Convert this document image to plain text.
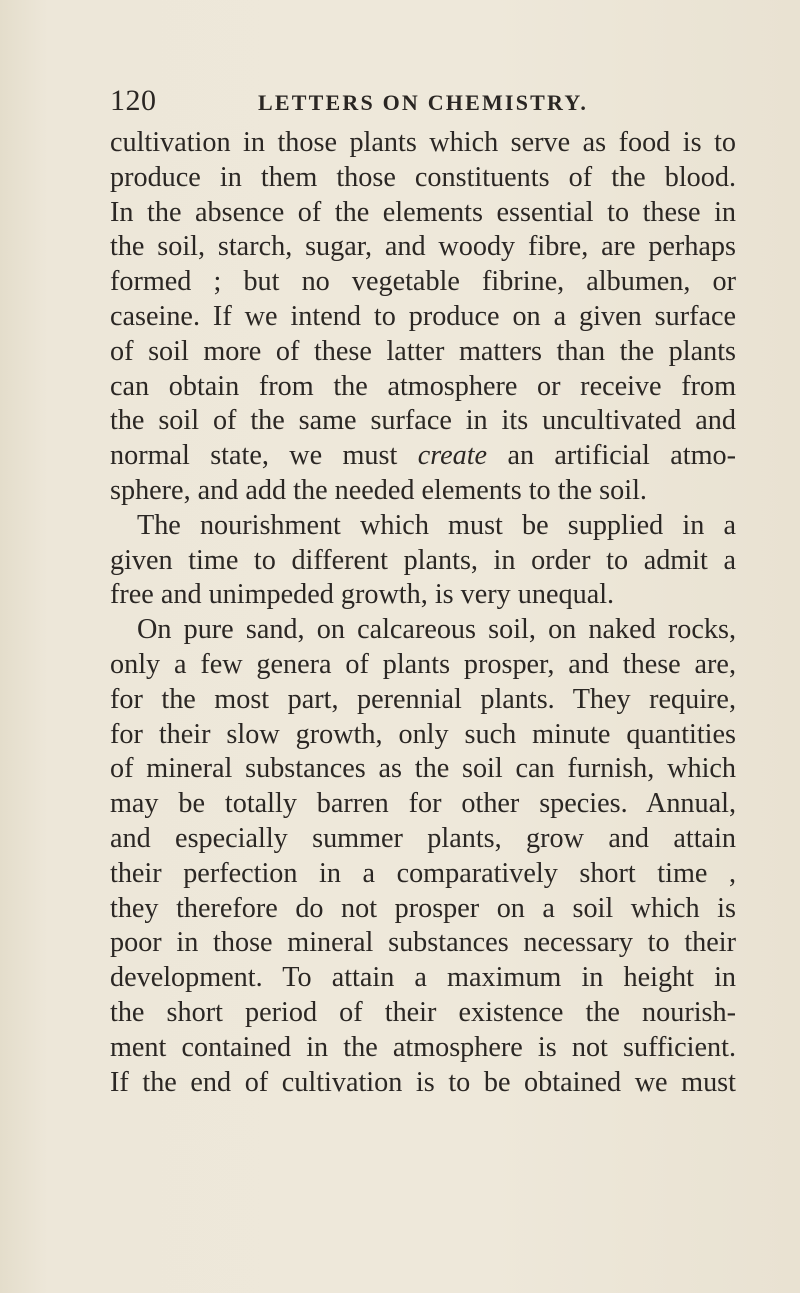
120	LETTERS ON CHEMISTRY.
cultivation in those plants which serve as food is to
produce in them those constituents of the blood.
In the absence of the elements essential to these in
the soil, starch, sugar, and woody fibre, are perhaps
formed ; but no vegetable fibrine, albumen, or
caseine. If we intend to produce on a given surface
of soil more of these latter matters than the plants
can obtain from the atmosphere or receive from
the soil of the same surface in its uncultivated and
normal state, we must create an artificial atmo-
sphere, and add the needed elements to the soil.
The nourishment which must be supplied in a
given time to different plants, in order to admit a
free and unimpeded growth, is very unequal.
On pure sand, on calcareous soil, on naked rocks,
only a few genera of plants prosper, and these are,
for the most part, perennial plants. They require,
for their slow growth, only such minute quantities
of mineral substances as the soil can furnish, which
may be totally barren for other species. Annual,
and especially summer plants, grow and attain
their perfection in a comparatively short time ,
they therefore do not prosper on a soil which is
poor in those mineral substances necessary to their
development. To attain a maximum in height in
the short period of their existence the nourish-
ment contained in the atmosphere is not sufficient.
If the end of cultivation is to be obtained we must
